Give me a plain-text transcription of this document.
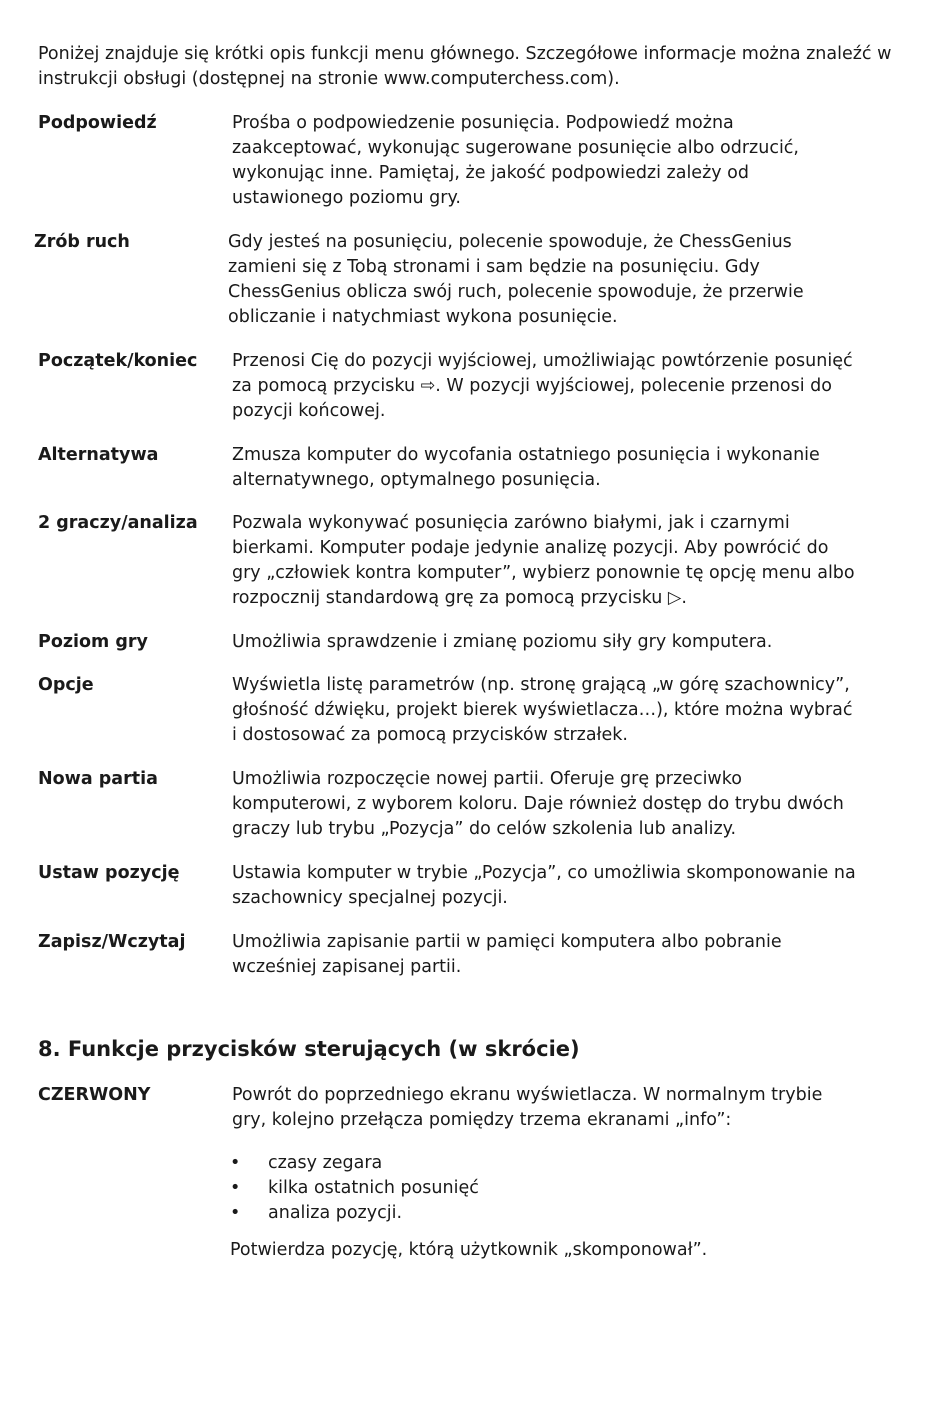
Poniżej znajduje się krótki opis funkcji menu głównego. Szczegółowe informacje można znaleźć w instrukcji obsługi (dostępnej na stronie www.computerchess.com).

Podpowiedź	Prośba o podpowiedzenie posunięcia. Podpowiedź można zaakceptować, wykonując sugerowane posunięcie albo odrzucić, wykonując inne. Pamiętaj, że jakość podpowiedzi zależy od ustawionego poziomu gry.

Zrób ruch	Gdy jesteś na posunięciu, polecenie spowoduje, że ChessGenius zamieni się z Tobą stronami i sam będzie na posunięciu. Gdy ChessGenius oblicza swój ruch, polecenie spowoduje, że przerwie obliczanie i natychmiast wykona posunięcie.

Początek/koniec	Przenosi Cię do pozycji wyjściowej, umożliwiając powtórzenie posunięć za pomocą przycisku ⇨. W pozycji wyjściowej, polecenie przenosi do pozycji końcowej.

Alternatywa	Zmusza komputer do wycofania ostatniego posunięcia i wykonanie alternatywnego, optymalnego posunięcia.

2 graczy/analiza	Pozwala wykonywać posunięcia zarówno białymi, jak i czarnymi bierkami. Komputer podaje jedynie analizę pozycji. Aby powrócić do gry „człowiek kontra komputer”, wybierz ponownie tę opcję menu albo rozpocznij standardową grę za pomocą przycisku ▷.

Poziom gry	Umożliwia sprawdzenie i zmianę poziomu siły gry komputera.

Opcje	Wyświetla listę parametrów (np. stronę grającą „w górę szachownicy”, głośność dźwięku, projekt bierek wyświetlacza…), które można wybrać i dostosować za pomocą przycisków strzałek.

Nowa partia	Umożliwia rozpoczęcie nowej partii. Oferuje grę przeciwko komputerowi, z wyborem koloru. Daje również dostęp do trybu dwóch graczy lub trybu „Pozycja” do celów szkolenia lub analizy.

Ustaw pozycję	Ustawia komputer w trybie „Pozycja”, co umożliwia skomponowanie na szachownicy specjalnej pozycji.

Zapisz/Wczytaj	Umożliwia zapisanie partii w pamięci komputera albo pobranie wcześniej zapisanej partii.

8. Funkcje przycisków sterujących (w skrócie)
CZERWONY	Powrót do poprzedniego ekranu wyświetlacza. W normalnym trybie gry, kolejno przełącza pomiędzy trzema ekranami „info”:

• czasy zegara
• kilka ostatnich posunięć
• analiza pozycji.

Potwierdza pozycję, którą użytkownik „skomponował”.
